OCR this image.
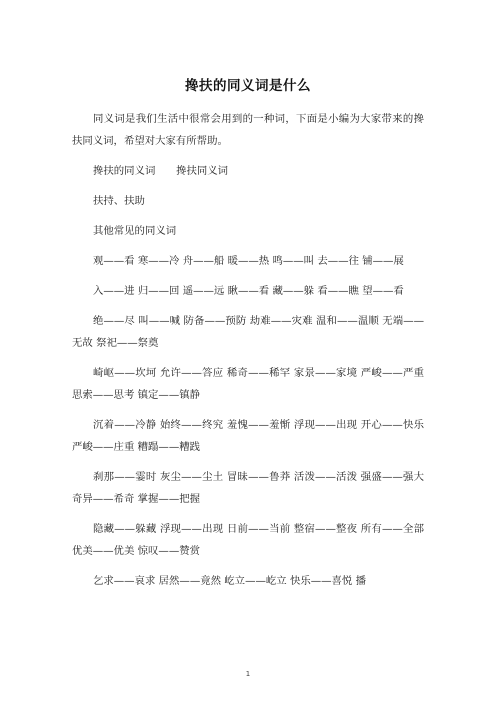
搀扶的同义词是什么

同义词是我们生活中很常会用到的一种词，下面是小编为大家带来的搀扶同义词，希望对大家有所帮助。

搀扶的同义词　　搀扶同义词

扶持、扶助

其他常见的同义词

观——看 寒——冷 舟——船 暖——热 鸣——叫 去——往 铺——展

入——进 归——回 遥——远 瞅——看 藏——躲 看——瞧 望——看

绝——尽 叫——喊 防备——预防 劫难——灾难 温和——温顺 无端——无故 祭祀——祭奠

崎岖——坎坷 允许——答应 稀奇——稀罕 家景——家境 严峻——严重 思索——思考 镇定——镇静

沉着——冷静 始终——终究 羞愧——羞惭 浮现——出现 开心——快乐 严峻——庄重 糟蹋——糟践

刹那——霎时 灰尘——尘土 冒昧——鲁莽 活泼——活泼 强盛——强大 奇异——希奇 掌握——把握

隐藏——躲藏 浮现——出现 日前——当前 整宿——整夜 所有——全部 优美——优美 惊叹——赞赏

乞求——哀求 居然——竟然 屹立——屹立 快乐——喜悦 播

1
